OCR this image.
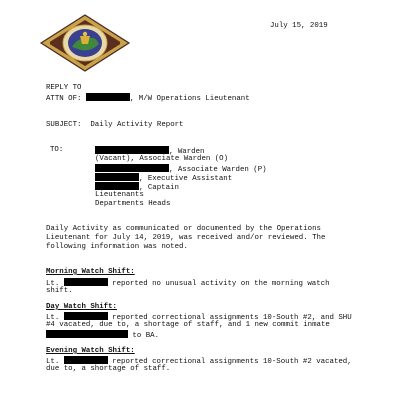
July 15, 2019
REPLY TO
ATTN OF:	, M/W Operations Lieutenant
SUBJECT: Daily Activity Report
TO:	, Warden
(Vacant), Associate Warden (O)
, Associate Warden (P)
, Executive Assistant
, Captain
Lieutenants
Departments Heads
Daily Activity as communicated or documented by the Operations
Lieutenant for July 14, 2019, was received and/or reviewed. The
following information was noted.
Morning Watch Shift:
Lt.	reported no unusual activity on the morning watch
shift.
Day Watch Shift:
Lt.	reported correctional assignments 10-South #2, and SHU
#4 vacated, due to, a shortage of staff, and 1 new commit inmate
to BA.
Evening Watch Shift:
Lt.	reported correctional assignments 10-South #2 vacated,
due to, a shortage of staff.
